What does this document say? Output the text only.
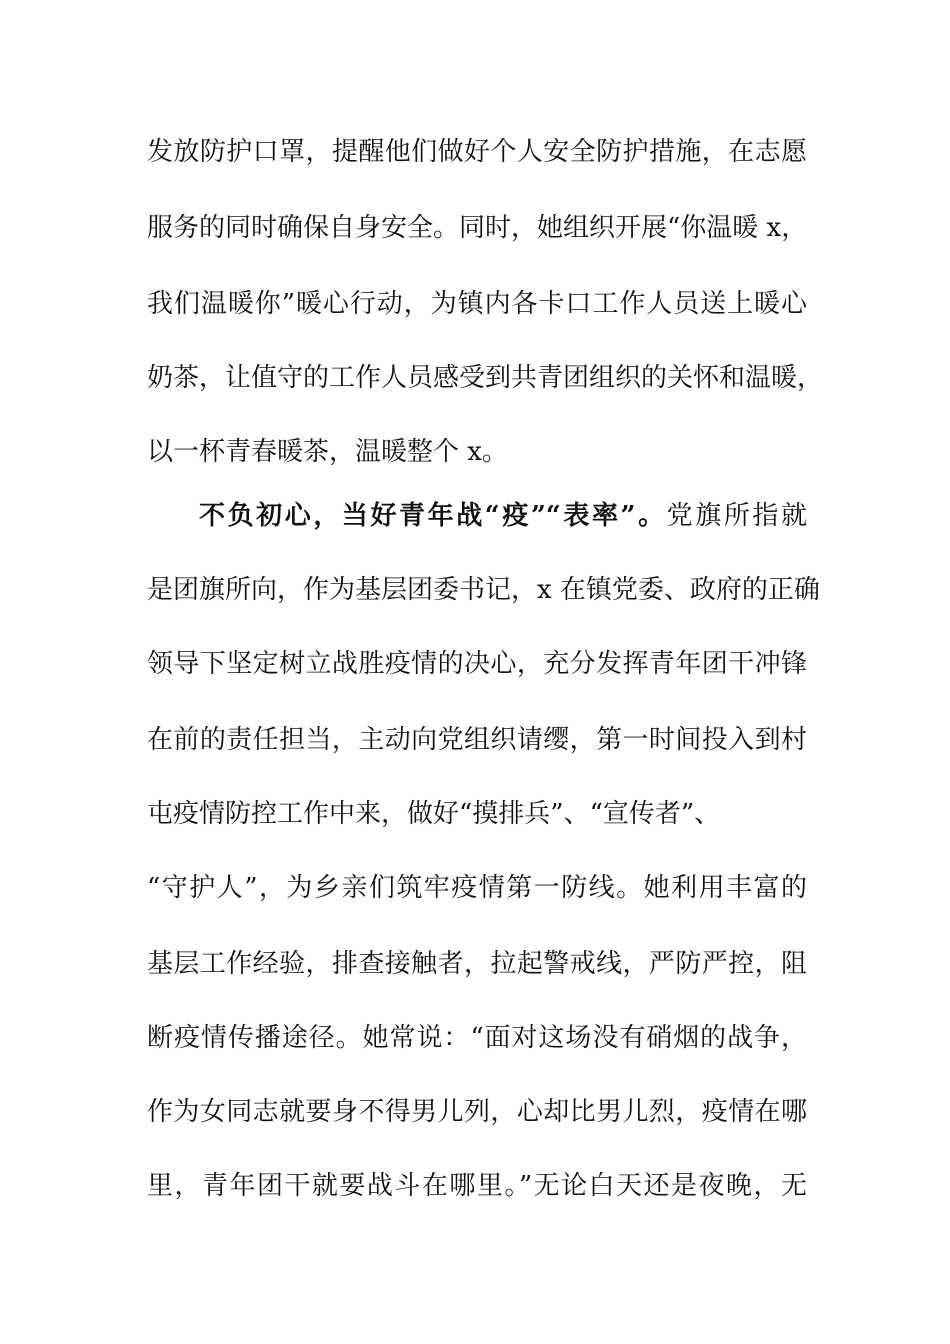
发放防护口罩，提醒他们做好个人安全防护措施，在志愿
服务的同时确保自身安全。同时，她组织开展“你温暖 x，
我们温暖你”暖心行动，为镇内各卡口工作人员送上暖心
奶茶，让值守的工作人员感受到共青团组织的关怀和温暖，
以一杯青春暖茶，温暖整个 x。
不负初心，当好青年战“疫”“表率”。党旗所指就
是团旗所向，作为基层团委书记，x 在镇党委、政府的正确
领导下坚定树立战胜疫情的决心，充分发挥青年团干冲锋
在前的责任担当，主动向党组织请缨，第一时间投入到村
屯疫情防控工作中来，做好“摸排兵”、“宣传者”、
“守护人”，为乡亲们筑牢疫情第一防线。她利用丰富的
基层工作经验，排查接触者，拉起警戒线，严防严控，阻
断疫情传播途径。她常说：“面对这场没有硝烟的战争，
作为女同志就要身不得男儿列，心却比男儿烈，疫情在哪
里，青年团干就要战斗在哪里。”无论白天还是夜晚，无
